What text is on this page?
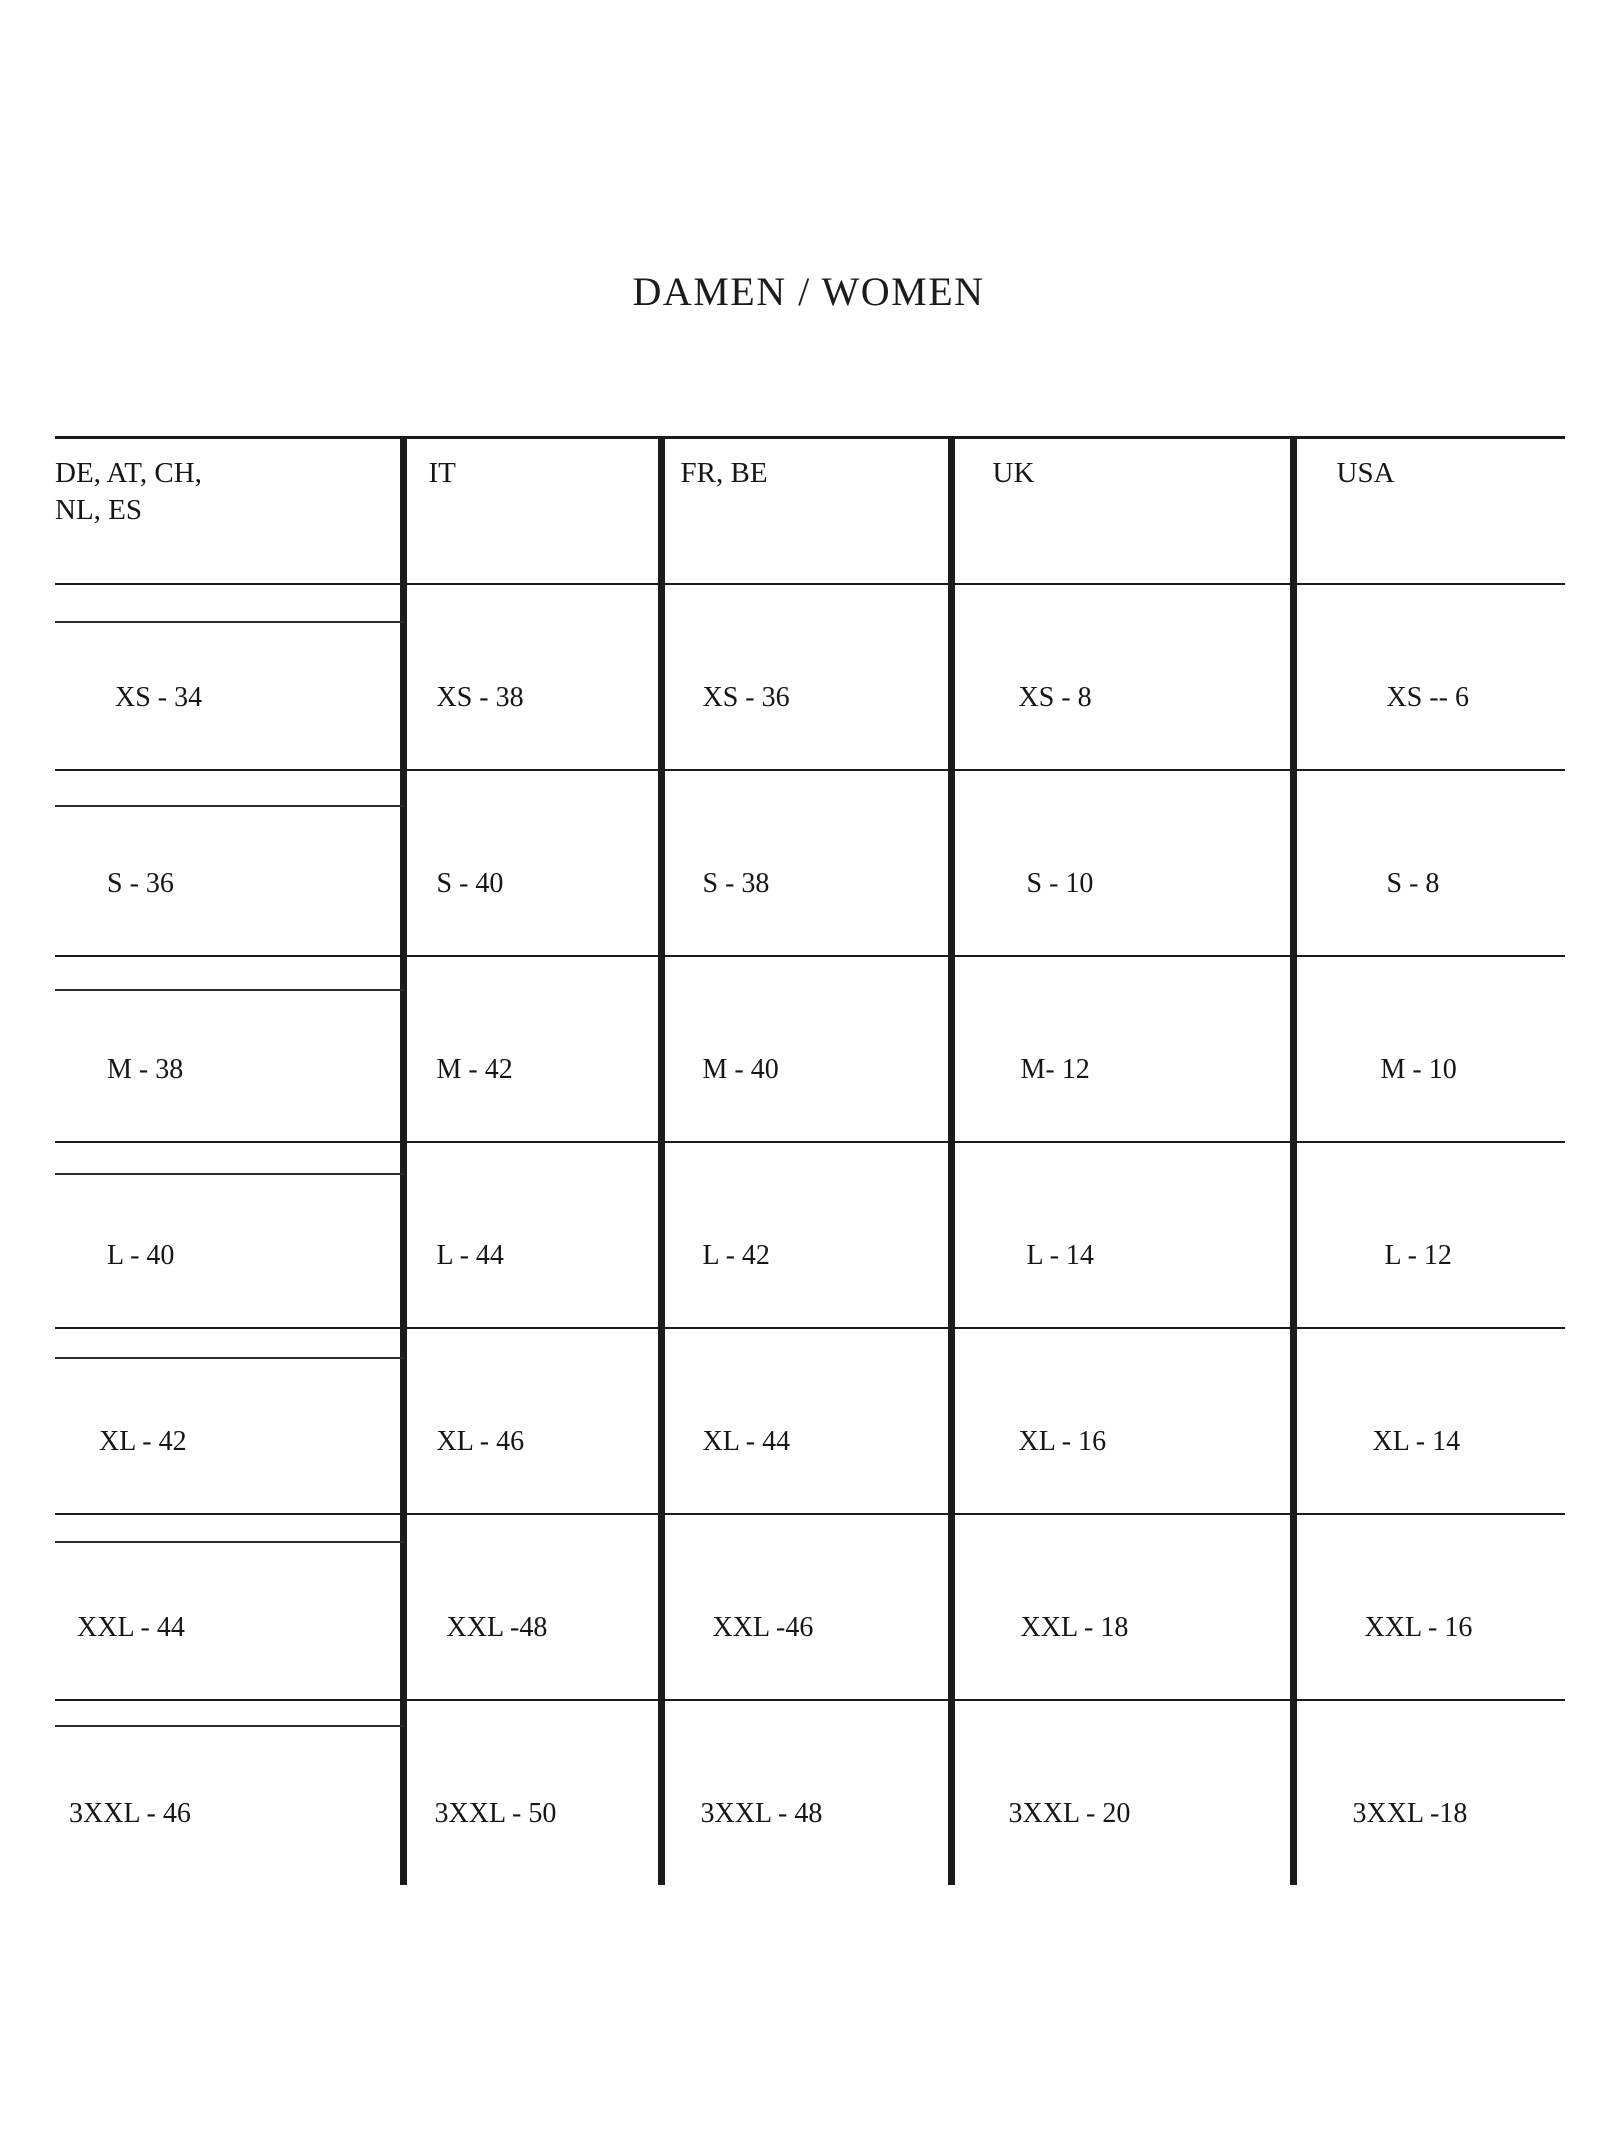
DAMEN / WOMEN
DE, AT, CH,
NL, ES	IT	FR, BE	UK	USA

XS - 34	XS - 38	XS - 36	XS - 8	XS -- 6

S - 36	S - 40	S - 38	S - 10	S - 8

M - 38	M - 42	M - 40	M- 12	M - 10

L - 40	L - 44	L - 42	L - 14	L - 12

XL - 42	XL - 46	XL - 44	XL - 16	XL - 14

XXL - 44	XXL -48	XXL -46	XXL - 18	XXL - 16

3XXL - 46	3XXL - 50	3XXL - 48	3XXL - 20	3XXL -18
